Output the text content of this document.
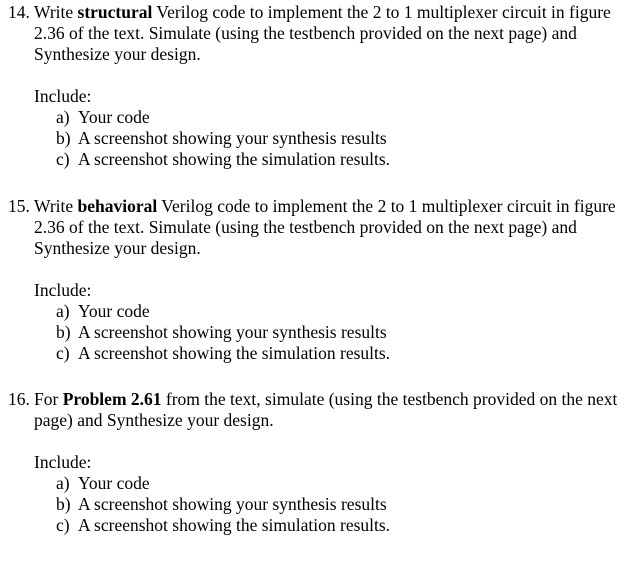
14. Write structural Verilog code to implement the 2 to 1 multiplexer circuit in figure 2.36 of the text. Simulate (using the testbench provided on the next page) and Synthesize your design.
Include:
a) Your code
b) A screenshot showing your synthesis results
c) A screenshot showing the simulation results.
15. Write behavioral Verilog code to implement the 2 to 1 multiplexer circuit in figure 2.36 of the text. Simulate (using the testbench provided on the next page) and Synthesize your design.
Include:
a) Your code
b) A screenshot showing your synthesis results
c) A screenshot showing the simulation results.
16. For Problem 2.61 from the text, simulate (using the testbench provided on the next page) and Synthesize your design.
Include:
a) Your code
b) A screenshot showing your synthesis results
c) A screenshot showing the simulation results.
